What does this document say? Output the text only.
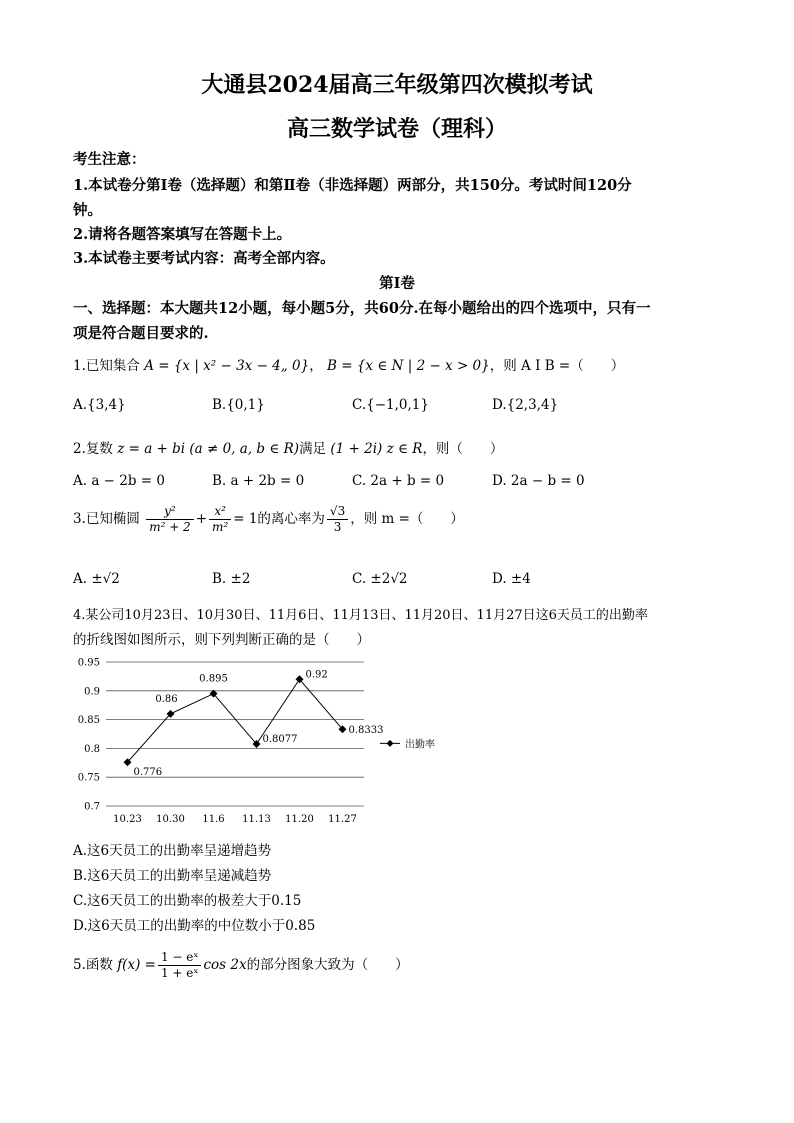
大通县2024届高三年级第四次模拟考试
高三数学试卷（理科）
考生注意：
1.本试卷分第Ⅰ卷（选择题）和第Ⅱ卷（非选择题）两部分，共150分。考试时间120分
钟。
2.请将各题答案填写在答题卡上。
3.本试卷主要考试内容：高考全部内容。
第Ⅰ卷
一、选择题：本大题共12小题，每小题5分，共60分.在每小题给出的四个选项中，只有一
项是符合题目要求的.
1.已知集合 A = {x | x² − 3x − 4„ 0}， B = {x ∈ N | 2 − x > 0}，则 A I B =（　　）
A.{3,4}	B.{0,1}	C.{−1,0,1}	D.{2,3,4}
2.复数 z = a + bi (a ≠ 0, a, b ∈ R)满足 (1 + 2i) z ∈ R，则（　　）
A. a − 2b = 0	B. a + 2b = 0	C. 2a + b = 0	D. 2a − b = 0
3.已知椭圆 $\frac{\text{y²}}{\text{m² + 2}} + \frac{\text{x²}}{\text{m²}} = 1$的离心率为 $\frac{√3}{3}$ ，则 m =（　　）
A. ±√2	B. ±2	C. ±2√2	D. ±4
4.某公司10月23日、10月30日、11月6日、11月13日、11月20日、11月27日这6天员工的出勤率
的折线图如图所示，则下列判断正确的是（　　）
0.7
0.75
0.8
0.85
0.9
0.95
10.23 10.30 11.6 11.13 11.20 11.27
0.776
0.86
0.895
0.8077
0.92
0.8333
出勤率
A.这6天员工的出勤率呈递增趋势
B.这6天员工的出勤率呈递减趋势
C.这6天员工的出勤率的极差大于0.15
D.这6天员工的出勤率的中位数小于0.85
5.函数 $f(x) = \frac{\text{1 − eˣ}}{\text{1 + eˣ}}$ cos 2x的部分图象大致为（　　）
